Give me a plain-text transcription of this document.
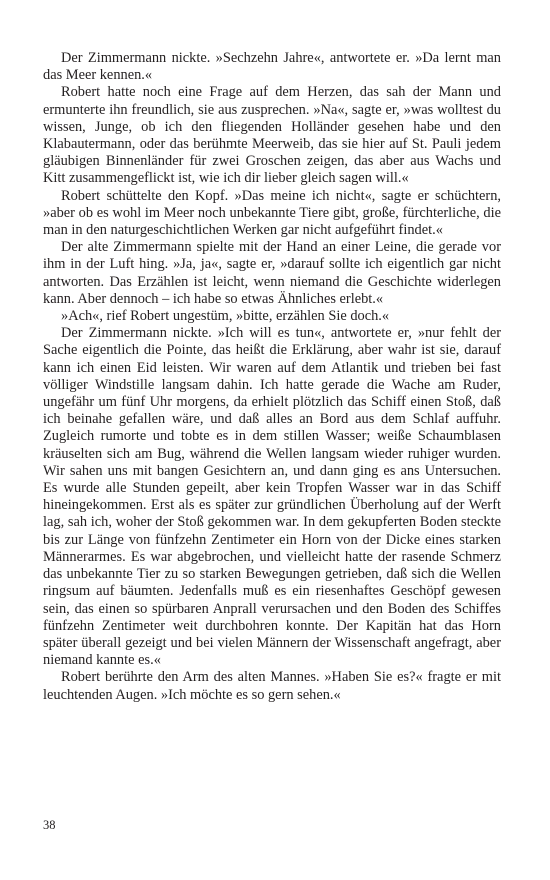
Der Zimmermann nickte. »Sechzehn Jahre«, antwortete er. »Da lernt man das Meer kennen.«

Robert hatte noch eine Frage auf dem Herzen, das sah der Mann und ermunterte ihn freundlich, sie aus zusprechen. »Na«, sagte er, »was wolltest du wissen, Junge, ob ich den fliegenden Holländer gesehen habe und den Klabautermann, oder das berühmte Meerweib, das sie hier auf St. Pauli jedem gläubigen Binnenländer für zwei Groschen zeigen, das aber aus Wachs und Kitt zusammengeflickt ist, wie ich dir lieber gleich sagen will.«

Robert schüttelte den Kopf. »Das meine ich nicht«, sagte er schüchtern, »aber ob es wohl im Meer noch unbekannte Tiere gibt, große, fürchterliche, die man in den naturgeschichtlichen Werken gar nicht aufgeführt findet.«

Der alte Zimmermann spielte mit der Hand an einer Leine, die gerade vor ihm in der Luft hing. »Ja, ja«, sagte er, »darauf sollte ich eigentlich gar nicht antworten. Das Erzählen ist leicht, wenn niemand die Geschichte widerlegen kann. Aber dennoch – ich habe so etwas Ähnliches erlebt.«

»Ach«, rief Robert ungestüm, »bitte, erzählen Sie doch.«

Der Zimmermann nickte. »Ich will es tun«, antwortete er, »nur fehlt der Sache eigentlich die Pointe, das heißt die Erklärung, aber wahr ist sie, darauf kann ich einen Eid leisten. Wir waren auf dem Atlantik und trieben bei fast völliger Windstille langsam dahin. Ich hatte gerade die Wache am Ruder, ungefähr um fünf Uhr morgens, da erhielt plötzlich das Schiff einen Stoß, daß ich beinahe gefallen wäre, und daß alles an Bord aus dem Schlaf auffuhr. Zugleich rumorte und tobte es in dem stillen Wasser; weiße Schaumblasen kräuselten sich am Bug, während die Wellen langsam wieder ruhiger wurden. Wir sahen uns mit bangen Gesichtern an, und dann ging es ans Untersuchen. Es wurde alle Stunden gepeilt, aber kein Tropfen Wasser war in das Schiff hineingekommen. Erst als es später zur gründlichen Überholung auf der Werft lag, sah ich, woher der Stoß gekommen war. In dem gekupferten Boden steckte bis zur Länge von fünfzehn Zentimeter ein Horn von der Dicke eines starken Männerarmes. Es war abgebrochen, und vielleicht hatte der rasende Schmerz das unbekannte Tier zu so starken Bewegungen getrieben, daß sich die Wellen ringsum auf bäumten. Jedenfalls muß es ein riesenhaftes Geschöpf gewesen sein, das einen so spürbaren Anprall verursachen und den Boden des Schiffes fünfzehn Zentimeter weit durchbohren konnte. Der Kapitän hat das Horn später überall gezeigt und bei vielen Männern der Wissenschaft angefragt, aber niemand kannte es.«

Robert berührte den Arm des alten Mannes. »Haben Sie es?« fragte er mit leuchtenden Augen. »Ich möchte es so gern sehen.«

38
